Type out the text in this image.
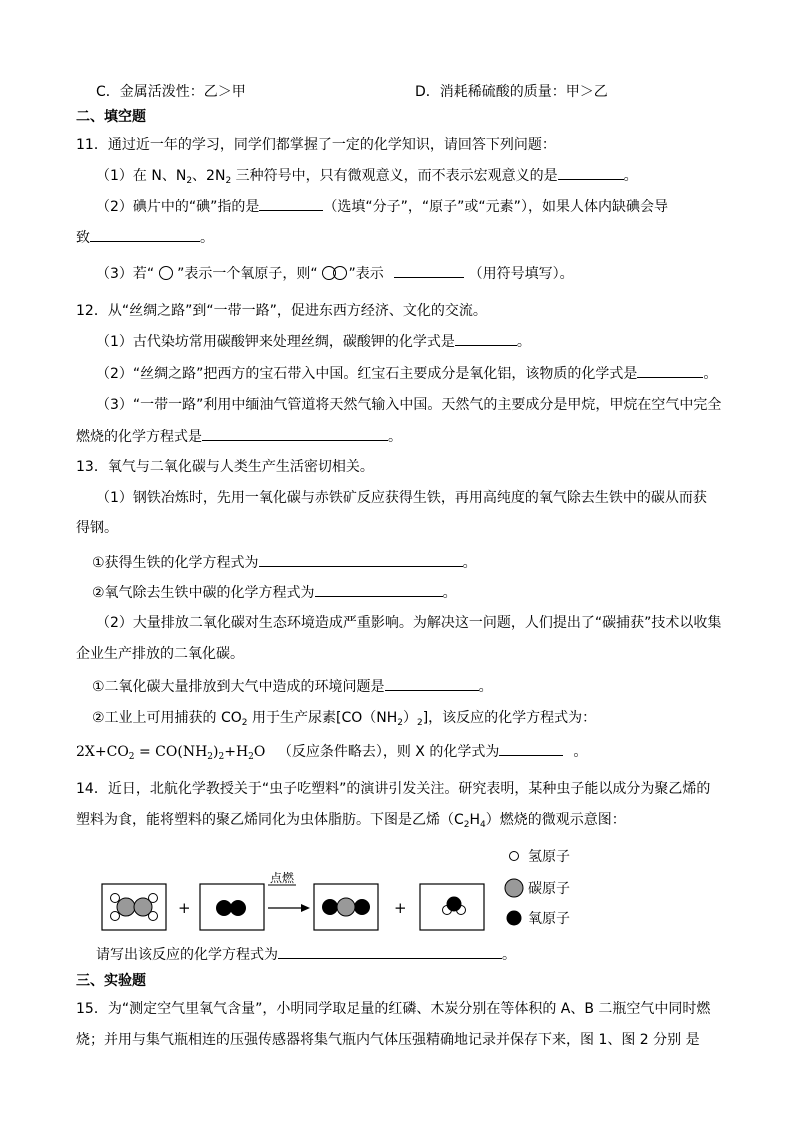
C．金属活泼性：乙＞甲	D．消耗稀硫酸的质量：甲＞乙
二、填空题
11．通过近一年的学习，同学们都掌握了一定的化学知识，请回答下列问题：
（1）在 N、$N_2$、$2N_2$ 三种符号中，只有微观意义，而不表示宏观意义的是	。
（2）碘片中的“碘”指的是	（选填“分子”，“原子”或“元素”），如果人体内缺碘会导
致	。
（3）若“ ”表示一个氧原子，则“ ”表示	（用符号填写）。
12．从“丝绸之路”到“一带一路”，促进东西方经济、文化的交流。
（1）古代染坊常用碳酸钾来处理丝绸，碳酸钾的化学式是	。
（2）“丝绸之路”把西方的宝石带入中国。红宝石主要成分是氧化铝，该物质的化学式是	。
（3）“一带一路”利用中缅油气管道将天然气输入中国。天然气的主要成分是甲烷，甲烷在空气中完全
燃烧的化学方程式是	。
13．氧气与二氧化碳与人类生产生活密切相关。
（1）钢铁冶炼时，先用一氧化碳与赤铁矿反应获得生铁，再用高纯度的氧气除去生铁中的碳从而获
得钢。
①获得生铁的化学方程式为	。
②氧气除去生铁中碳的化学方程式为	。
（2）大量排放二氧化碳对生态环境造成严重影响。为解决这一问题，人们提出了“碳捕获”技术以收集
企业生产排放的二氧化碳。
①二氧化碳大量排放到大气中造成的环境问题是	。
②工业上可用捕获的 $CO_2$ 用于生产尿素$[CO(NH_2)_2]$，该反应的化学方程式为：
$2X+CO_2 = CO(NH_2)_2+H_2O$ （反应条件略去），则 X 的化学式为	。
14．近日，北航化学教授关于“虫子吃塑料”的演讲引发关注。研究表明，某种虫子能以成分为聚乙烯的
塑料为食，能将塑料的聚乙烯同化为虫体脂肪。下图是乙烯$(C_2H_4)$燃烧的微观示意图：
+
点燃
+
氢原子
碳原子
氧原子
请写出该反应的化学方程式为	。
三、实验题
15．为“测定空气里氧气含量”，小明同学取足量的红磷、木炭分别在等体积的 A、B 二瓶空气中同时燃
烧；并用与集气瓶相连的压强传感器将集气瓶内气体压强精确地记录并保存下来，图 1、图 2 分别 是
